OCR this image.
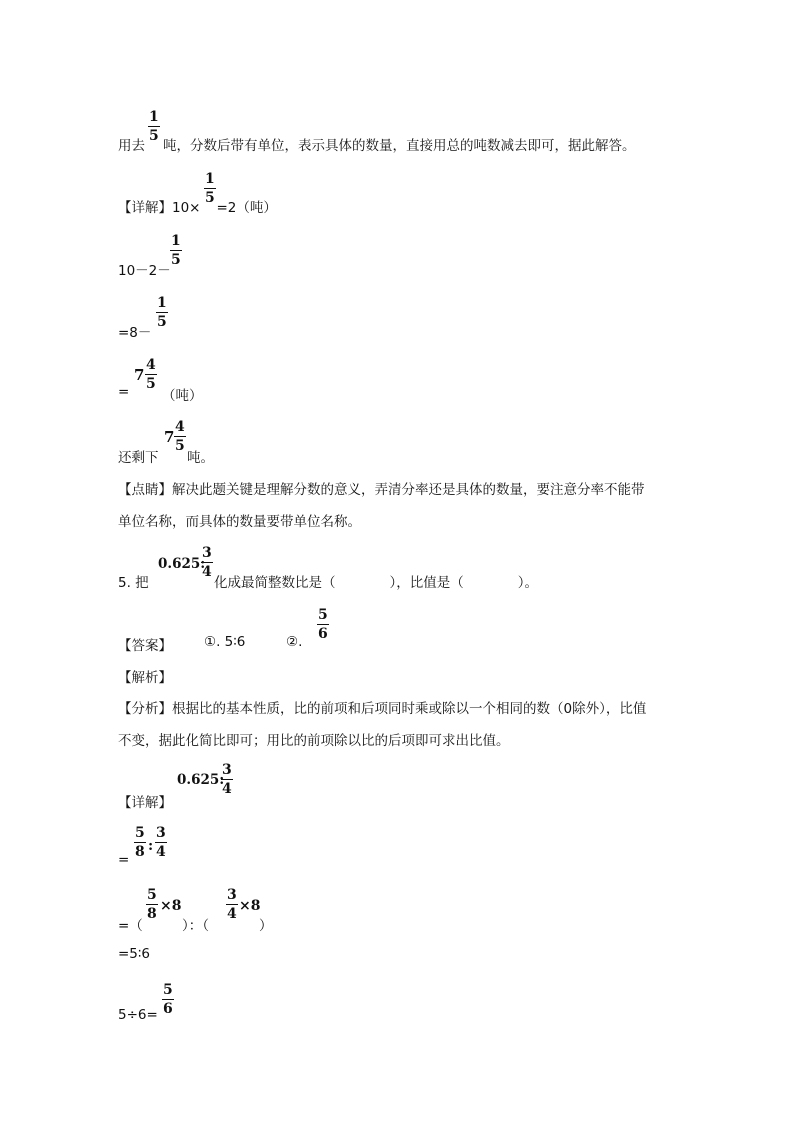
用去 吨，分数后带有单位，表示具体的数量，直接用总的吨数减去即可，据此解答。
$\frac{1}{5}$
【详解】10× =2（吨）
$\frac{1}{5}$
10－2－
$\frac{1}{5}$
=8－
$\frac{1}{5}$
=
$7 \frac{4}{5}$
（吨）
还剩下
$7 \frac{4}{5}$
吨。
【点睛】解决此题关键是理解分数的意义，弄清分率还是具体的数量，要注意分率不能带
单位名称，而具体的数量要带单位名称。
5. 把
0.625:
$\frac{3}{4}$
化成最简整数比是（　　　　），比值是（　　　　）。
【答案】 ①. 5∶6	②.
$\frac{5}{6}$
【解析】
【分析】根据比的基本性质，比的前项和后项同时乘或除以一个相同的数（0除外），比值
不变，据此化简比即可；用比的前项除以比的后项即可求出比值。
【详解】
0.625:
$\frac{3}{4}$
=
$\frac{5}{8}$ : $\frac{3}{4}$
=（
$\frac{5}{8} \times 8$
）：（
$\frac{3}{4} \times 8$
）
=5∶6
$5\div 6= \frac{5}{6}$
